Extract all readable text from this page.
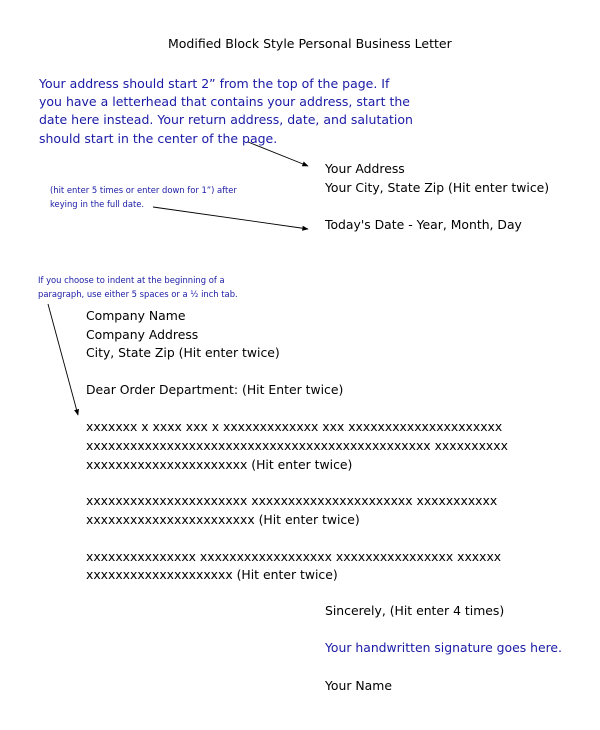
Modified Block Style Personal Business Letter
Your address should start 2” from the top of the page. If
you have a letterhead that contains your address, start the
date here instead. Your return address, date, and salutation
should start in the center of the page.
Your Address
Your City, State Zip (Hit enter twice)
(hit enter 5 times or enter down for 1”) after
keying in the full date.
Today's Date - Year, Month, Day
If you choose to indent at the beginning of a
paragraph, use either 5 spaces or a ½ inch tab.
Company Name
Company Address
City, State Zip (Hit enter twice)
Dear Order Department: (Hit Enter twice)
xxxxxxx x xxxx xxx x xxxxxxxxxxxxx xxx xxxxxxxxxxxxxxxxxxxxx
xxxxxxxxxxxxxxxxxxxxxxxxxxxxxxxxxxxxxxxxxxxxxxx xxxxxxxxxx
xxxxxxxxxxxxxxxxxxxxxx (Hit enter twice)
xxxxxxxxxxxxxxxxxxxxxx xxxxxxxxxxxxxxxxxxxxxx xxxxxxxxxxx
xxxxxxxxxxxxxxxxxxxxxxx (Hit enter twice)
xxxxxxxxxxxxxxx xxxxxxxxxxxxxxxxxx xxxxxxxxxxxxxxxx xxxxxx
xxxxxxxxxxxxxxxxxxxx (Hit enter twice)
Sincerely, (Hit enter 4 times)
Your handwritten signature goes here.
Your Name
